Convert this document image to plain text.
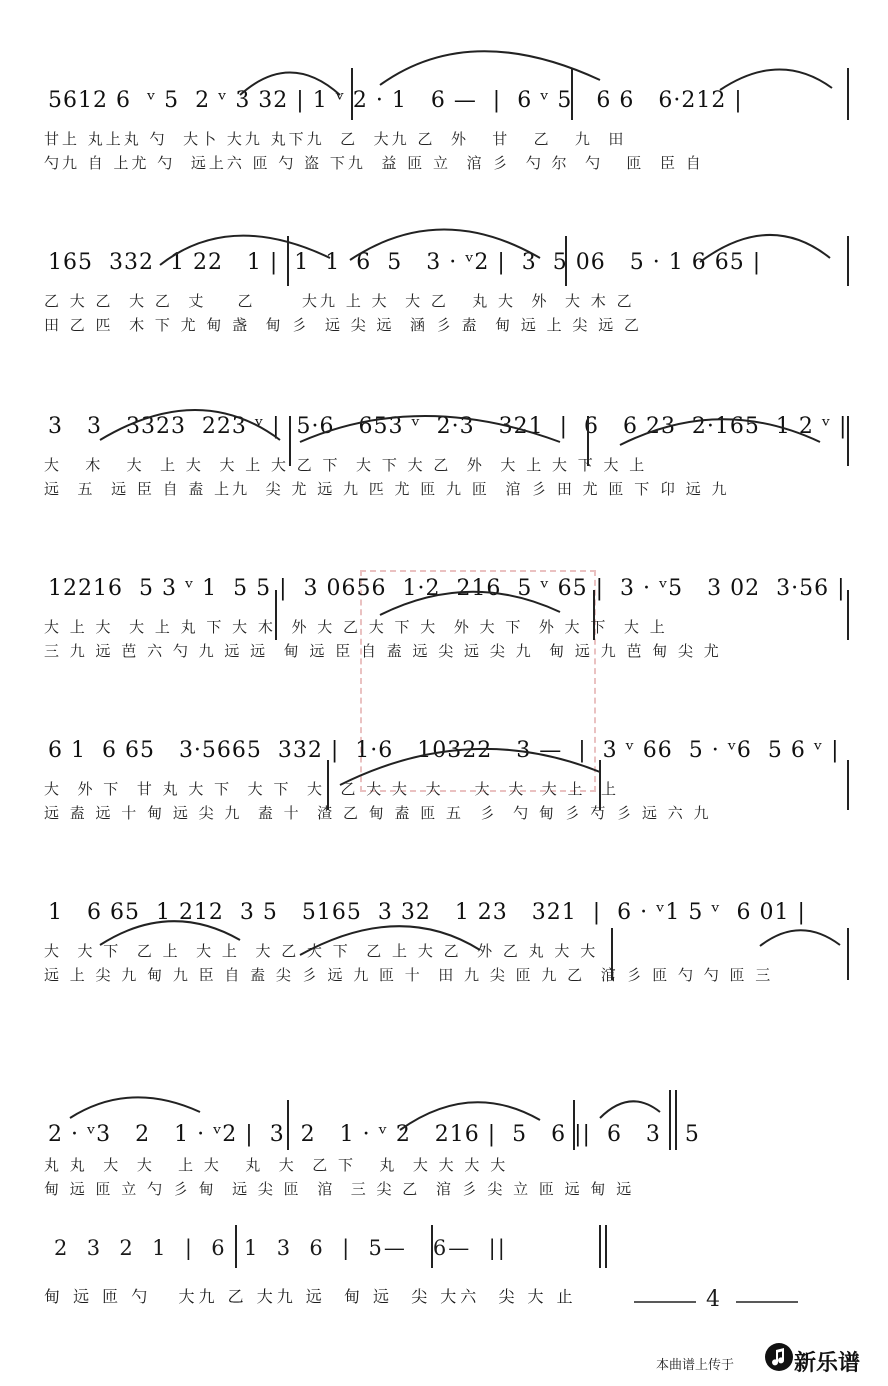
5612 6  ᵛ 5  2 ᵛ 3 32 | 1 ᵛ 2 · 1   6 —  |  6 ᵛ 5   6 6   6·212 |
甘上 丸上丸 勺  大卜 大九 丸下九  乙  大九 乙  外   甘   乙   九  田
勺九 自 上尤 勺  远上六 匝 勺 盗 下九  益 匝 立  涫 彡  勺 尔  勺   匝  臣 自
165  332  1 22   1 |  1  1  6  5   3 · ᵛ2 |  3  5 06   5 · 1 6 65 |
乙 大 乙  大 乙  丈    乙      大九 上 大  大 乙   丸 大  外  大 木 乙
田 乙 匹  木 下 尤 甸 盏  甸 彡  远 尖 远  涵 彡 盍  甸 远 上 尖 远 乙
3   3   3323  223 ᵛ |  5·6   653 ᵛ  2·3   321  |  6   6 23  2·165  1 2 ᵛ |
大   木   大  上 大  大 上 大 乙 下  大 下 大 乙  外  大 上 大 下 大 上
远  五  远 臣 自 盍 上九  尖 尤 远 九 匹 尤 匝 九 匝  涫 彡 田 尤 匝 下 卬 远 九
12216  5 3 ᵛ 1  5 5 |  3 0656  1·2  216  5 ᵛ 65 |  3 · ᵛ5   3 02  3·56 |
大 上 大  大 上 丸 下 大 木  外 大 乙 大 下 大  外 大 下  外 大 下  大 上
三 九 远 芭 六 勺 九 远 远  甸 远 臣 自 盍 远 尖 远 尖 九  甸 远 九 芭 甸 尖 尤
6 1  6 65   3·5665  332 |  1·6   10322   3 —  |  3 ᵛ 66  5 · ᵛ6  5 6 ᵛ |
大  外 下  甘 丸 大 下  大 下  大  乙 大 大  大    大  大  大 上  上
远 盍 远 十 甸 远 尖 九  盍 十  渣 乙 甸 盍 匝 五  彡  勺 甸 彡 芍 彡 远 六 九
1   6 65  1 212  3 5   5165  3 32   1 23   321  |  6 · ᵛ1 5 ᵛ  6 01 |
大  大 下  乙 上  大 上  大 乙 大 下  乙 上 大 乙  外 乙 丸 大 大
远 上 尖 九 甸 九 臣 自 盍 尖 彡 远 九 匝 十  田 九 尖 匝 九 乙  涫 彡 匝 勺 勺 匝 三
2 · ᵛ3   2   1 · ᵛ2 |  3  2   1 · ᵛ 2   216 |  5   6 ||  6   3   5
丸 丸  大  大   上 大   丸  大  乙 下   丸  大 大 大 大
甸 远 匝 立 勺 彡 甸  远 尖 匝  涫  三 尖 乙  涫 彡 尖 立 匝 远 甸 远
2  3  2  1  |  6  1  3  6  |  5—   6—  ||
甸 远 匝 勺   大九 乙 大九 远  甸 远  尖 大六  尖 大 止	4
本曲谱上传于	新乐谱
